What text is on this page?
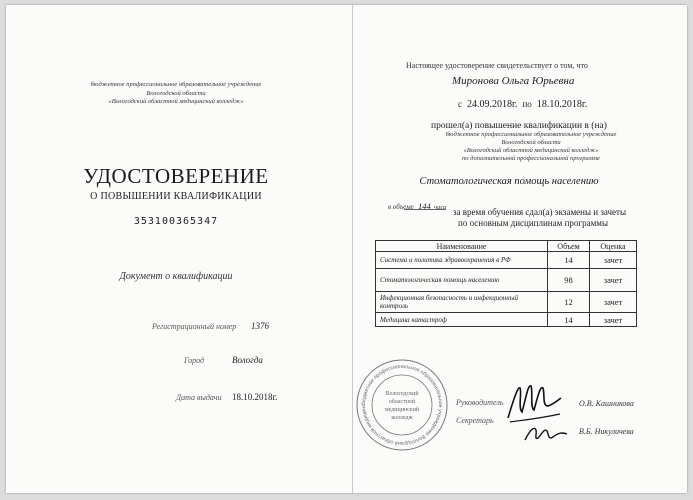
бюджетное профессиональное образовательное учреждение
Вологодской области
«Вологодский областной медицинский колледж»
УДОСТОВЕРЕНИЕ
О ПОВЫШЕНИИ КВАЛИФИКАЦИИ
353100365347
Документ о квалификации
Регистрационный номер 1376
Город	Вологда
Дата выдачи 18.10.2018г.
Настоящее удостоверение свидетельствует о том, что
Миронова Ольга Юрьевна
с 24.09.2018г. по 18.10.2018г.
прошел(а) повышение квалификации в (на)
бюджетное профессиональное образовательное учреждение
Вологодской области
«Вологодский областной медицинский колледж»
по дополнительной профессиональной программе
Стоматологическая помощь населению
в объеме 144 часа за время обучения сдал(а) экзамены и зачеты
по основным дисциплинам программы
Наименование	Объем	Оценка
Система и политика здравоохранения в РФ	14	зачет
Стоматологическая помощь населению	98	зачет
Инфекционная безопасность и инфекционный контроль	12	зачет
Медицина катастроф	14	зачет
бюджетное профессиональное образовательное учреждение Вологодский областной медицинс
Вологодский
областной
медицинский
колледж
Руководитель
Секретарь
О.В. Кашникова
В.Б. Никуличева
